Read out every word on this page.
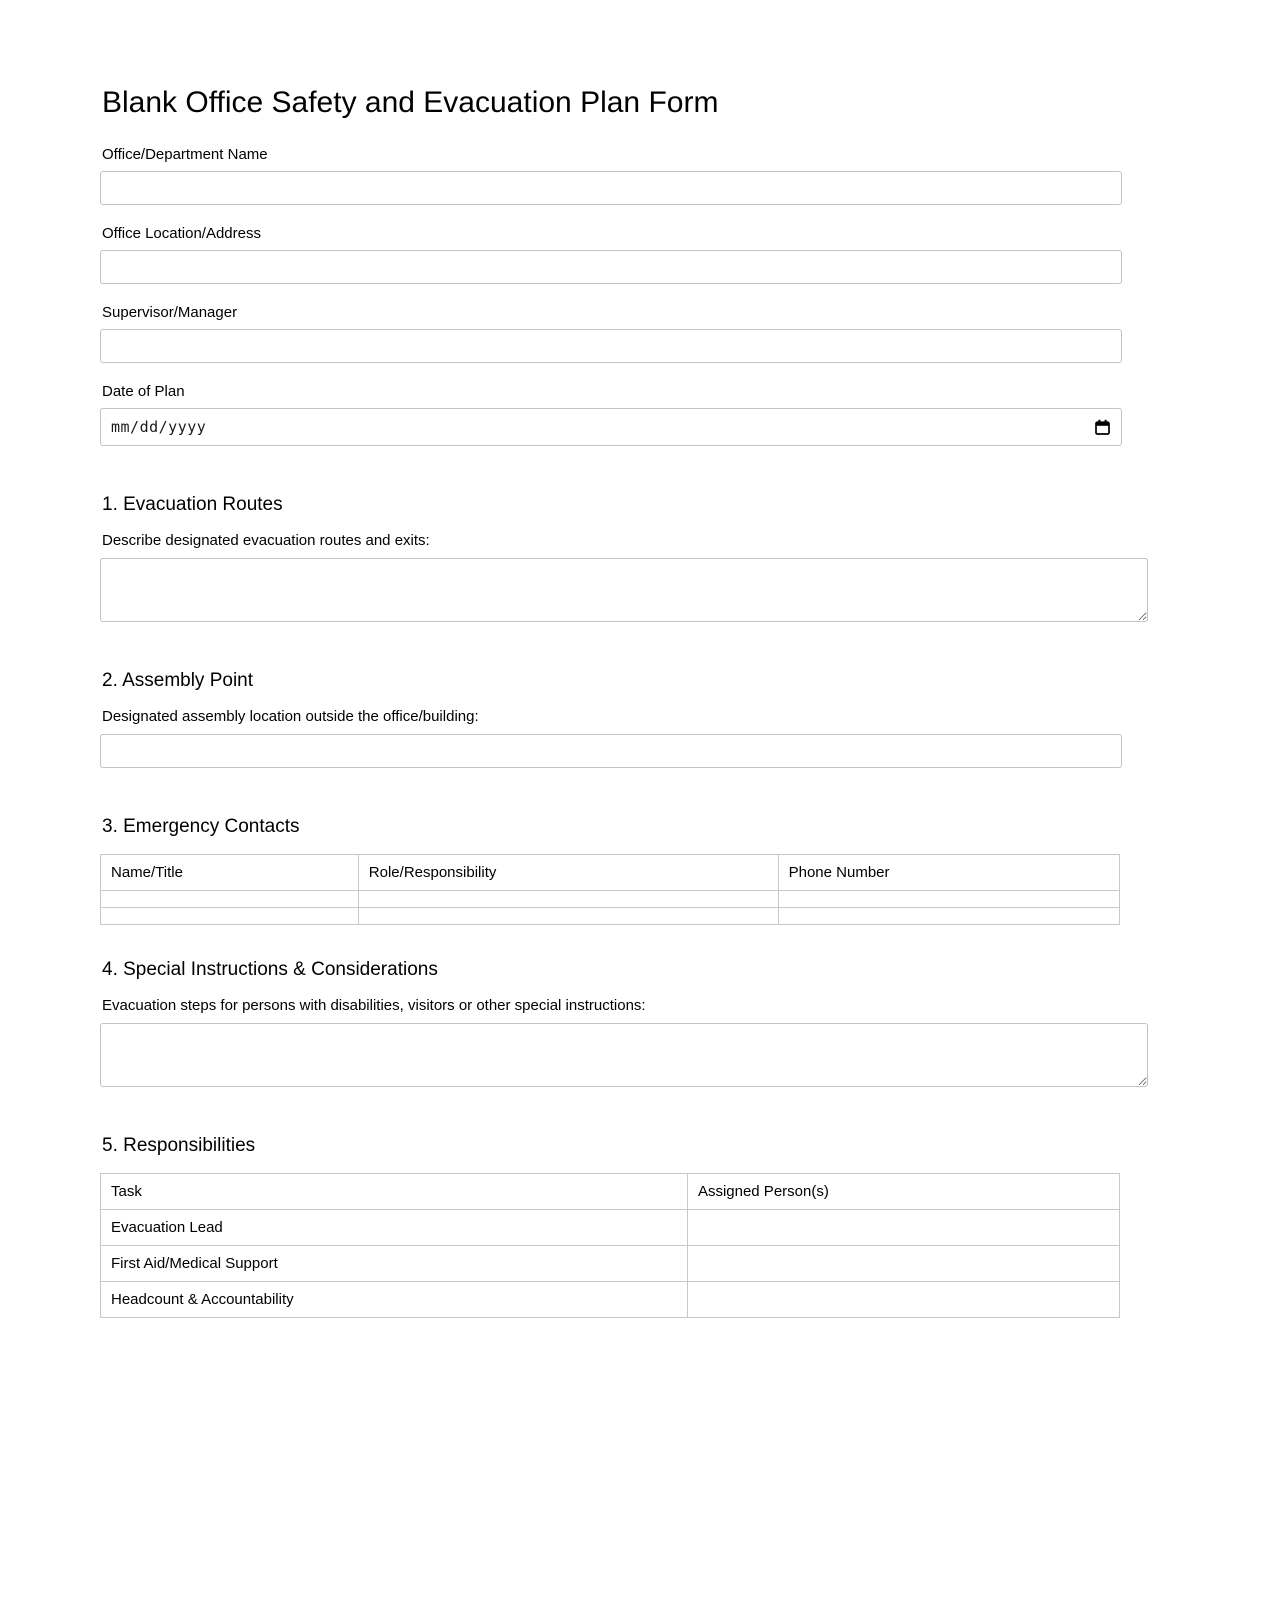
Blank Office Safety and Evacuation Plan Form
Office/Department Name
Office Location/Address
Supervisor/Manager
Date of Plan
mm/dd/yyyy
1. Evacuation Routes

Describe designated evacuation routes and exits:

2. Assembly Point

Designated assembly location outside the office/building:

3. Emergency Contacts
Name/Title	Role/Responsibility	Phone Number

4. Special Instructions & Considerations

Evacuation steps for persons with disabilities, visitors or other special instructions:

5. Responsibilities
Task	Assigned Person(s)
Evacuation Lead	
First Aid/Medical Support	
Headcount & Accountability	
